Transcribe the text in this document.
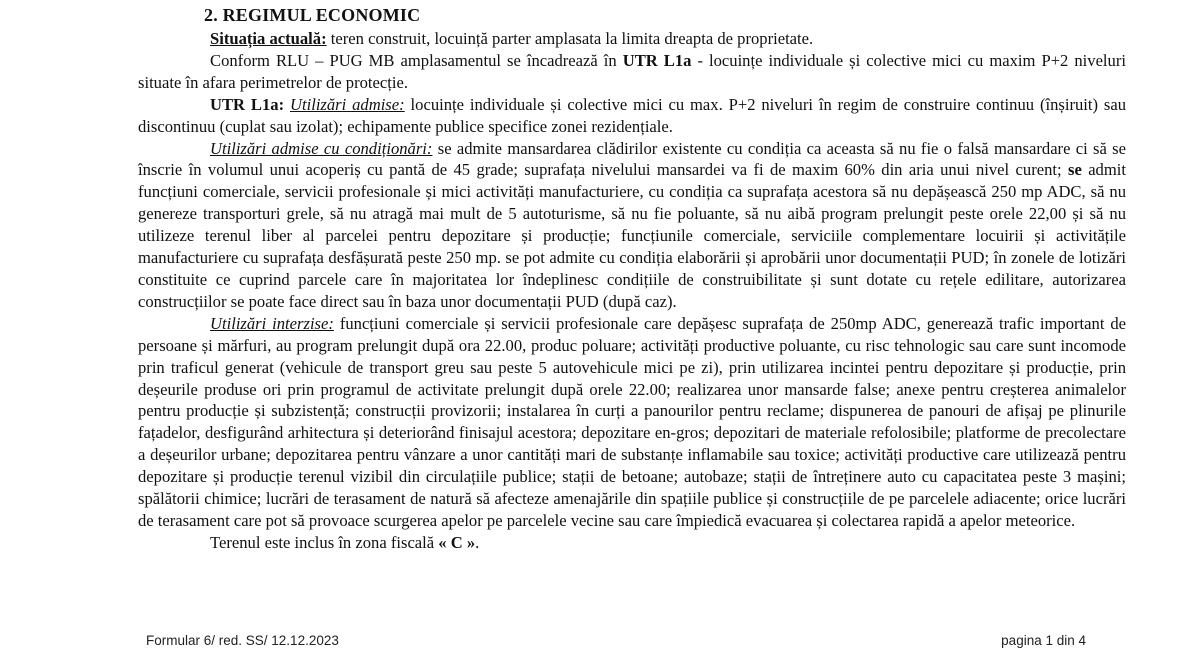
2. REGIMUL ECONOMIC

Situația actuală: teren construit, locuință parter amplasata la limita dreapta de proprietate.

Conform RLU – PUG MB amplasamentul se încadrează în UTR L1a - locuințe individuale și colective mici cu maxim P+2 niveluri situate în afara perimetrelor de protecție.

UTR L1a: Utilizări admise: locuințe individuale și colective mici cu max. P+2 niveluri în regim de construire continuu (înșiruit) sau discontinuu (cuplat sau izolat); echipamente publice specifice zonei rezidențiale.

Utilizări admise cu condiționări: se admite mansardarea clădirilor existente cu condiția ca aceasta să nu fie o falsă mansardare ci să se înscrie în volumul unui acoperiș cu pantă de 45 grade; suprafața nivelului mansardei va fi de maxim 60% din aria unui nivel curent; se admit funcțiuni comerciale, servicii profesionale și mici activități manufacturiere, cu condiția ca suprafața acestora să nu depășească 250 mp ADC, să nu genereze transporturi grele, să nu atragă mai mult de 5 autoturisme, să nu fie poluante, să nu aibă program prelungit peste orele 22,00 și să nu utilizeze terenul liber al parcelei pentru depozitare și producție; funcțiunile comerciale, serviciile complementare locuirii și activitățile manufacturiere cu suprafața desfășurată peste 250 mp. se pot admite cu condiția elaborării și aprobării unor documentații PUD; în zonele de lotizări constituite ce cuprind parcele care în majoritatea lor îndeplinesc condițiile de construibilitate și sunt dotate cu rețele edilitare, autorizarea construcțiilor se poate face direct sau în baza unor documentații PUD (după caz).

Utilizări interzise: funcțiuni comerciale și servicii profesionale care depășesc suprafața de 250mp ADC, generează trafic important de persoane și mărfuri, au program prelungit după ora 22.00, produc poluare; activități productive poluante, cu risc tehnologic sau care sunt incomode prin traficul generat (vehicule de transport greu sau peste 5 autovehicule mici pe zi), prin utilizarea incintei pentru depozitare și producție, prin deșeurile produse ori prin programul de activitate prelungit după orele 22.00; realizarea unor mansarde false; anexe pentru creșterea animalelor pentru producție și subzistență; construcții provizorii; instalarea în curți a panourilor pentru reclame; dispunerea de panouri de afișaj pe plinurile fațadelor, desfigurând arhitectura și deteriorând finisajul acestora; depozitare en-gros; depozitari de materiale refolosibile; platforme de precolectare a deșeurilor urbane; depozitarea pentru vânzare a unor cantități mari de substanțe inflamabile sau toxice; activități productive care utilizează pentru depozitare și producție terenul vizibil din circulațiile publice; stații de betoane; autobaze; stații de întreținere auto cu capacitatea peste 3 mașini; spălătorii chimice; lucrări de terasament de natură să afecteze amenajările din spațiile publice și construcțiile de pe parcelele adiacente; orice lucrări de terasament care pot să provoace scurgerea apelor pe parcelele vecine sau care împiedică evacuarea și colectarea rapidă a apelor meteorice.

Terenul este inclus în zona fiscală « C ».

Formular 6/ red. SS/ 12.12.2023	pagina 1 din 4
